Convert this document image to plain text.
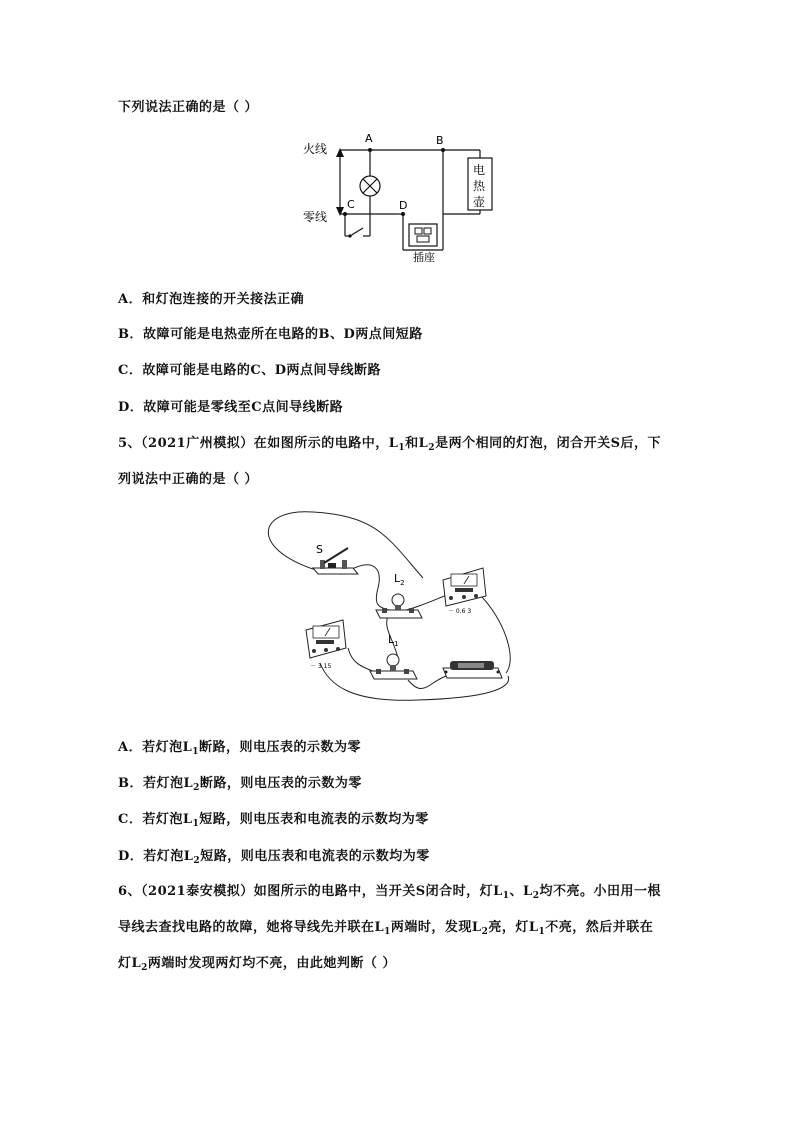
下列说法正确的是（ ）
火线
零线
A	B
C	D
插座
电
热
壶
A．和灯泡连接的开关接法正确
B．故障可能是电热壶所在电路的B、D两点间短路
C．故障可能是电路的C、D两点间导线断路
D．故障可能是零线至C点间导线断路
5、（2021广州模拟）在如图所示的电路中，$L_1$和$L_2$是两个相同的灯泡，闭合开关S后，下
列说法中正确的是（ ）
S
$L_2$
－ 0.6 3
－ 3 15
$L_1$
A．若灯泡$L_1$断路，则电压表的示数为零
B．若灯泡$L_2$断路，则电压表的示数为零
C．若灯泡$L_1$短路，则电压表和电流表的示数均为零
D．若灯泡$L_2$短路，则电压表和电流表的示数均为零
6、（2021泰安模拟）如图所示的电路中，当开关S闭合时，灯$L_1$、$L_2$均不亮。小田用一根
导线去查找电路的故障，她将导线先并联在$L_1$两端时，发现$L_2$亮，灯$L_1$不亮，然后并联在
灯$L_2$两端时发现两灯均不亮，由此她判断（ ）
